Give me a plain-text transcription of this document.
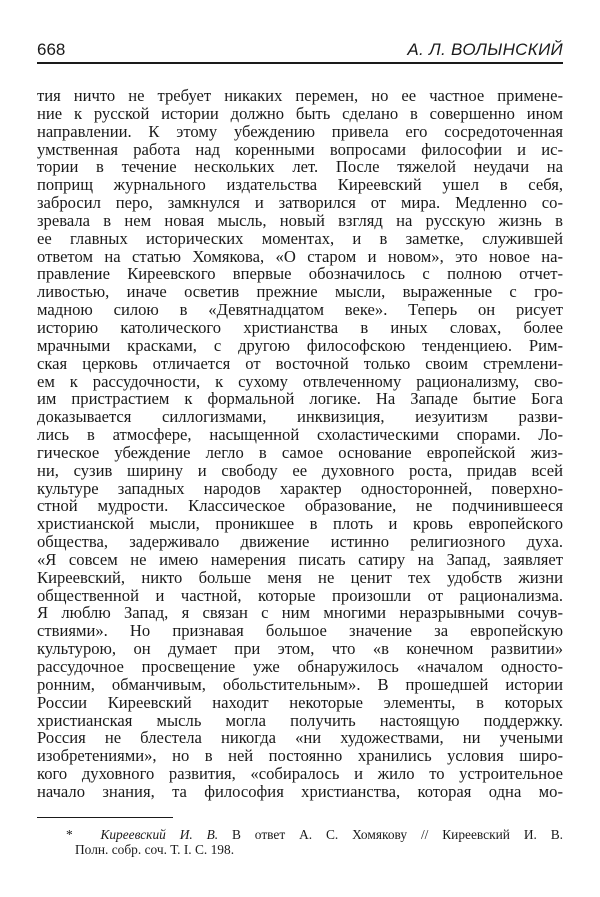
668	А. Л. ВОЛЫНСКИЙ
тия ничто не требует никаких перемен, но ее частное примене-
ние к русской истории должно быть сделано в совершенно ином
направлении. К этому убеждению привела его сосредоточенная
умственная работа над коренными вопросами философии и ис-
тории в течение нескольких лет. После тяжелой неудачи на
поприщ журнального издательства Киреевский ушел в себя,
забросил перо, замкнулся и затворился от мира. Медленно со-
зревала в нем новая мысль, новый взгляд на русскую жизнь в
ее главных исторических моментах, и в заметке, служившей
ответом на статью Хомякова, «О старом и новом», это новое на-
правление Киреевского впервые обозначилось с полною отчет-
ливостью, иначе осветив прежние мысли, выраженные с гро-
мадною силою в «Девятнадцатом веке». Теперь он рисует
историю католического христианства в иных словах, более
мрачными красками, с другою философскою тенденциею. Рим-
ская церковь отличается от восточной только своим стремлени-
ем к рассудочности, к сухому отвлеченному рационализму, сво-
им пристрастием к формальной логике. На Западе бытие Бога
доказывается силлогизмами, инквизиция, иезуитизм разви-
лись в атмосфере, насыщенной схоластическими спорами. Ло-
гическое убеждение легло в самое основание европейской жиз-
ни, сузив ширину и свободу ее духовного роста, придав всей
культуре западных народов характер односторонней, поверхно-
стной мудрости. Классическое образование, не подчинившееся
христианской мысли, проникшее в плоть и кровь европейского
общества, задерживало движение истинно религиозного духа.
«Я совсем не имею намерения писать сатиру на Запад, заявляет
Киреевский, никто больше меня не ценит тех удобств жизни
общественной и частной, которые произошли от рационализма.
Я люблю Запад, я связан с ним многими неразрывными сочув-
ствиями». Но признавая большое значение за европейскую
культурою, он думает при этом, что «в конечном развитии»
рассудочное просвещение уже обнаружилось «началом односто-
ронним, обманчивым, обольстительным». В прошедшей истории
России Киреевский находит некоторые элементы, в которых
христианская мысль могла получить настоящую поддержку.
Россия не блестела никогда «ни художествами, ни учеными
изобретениями», но в ней постоянно хранились условия широ-
кого духовного развития, «собиралось и жило то устроительное
начало знания, та философия христианства, которая одна мо-
* Киреевский И. В. В ответ А. С. Хомякову // Киреевский И. В.
Полн. собр. соч. Т. I. С. 198.
